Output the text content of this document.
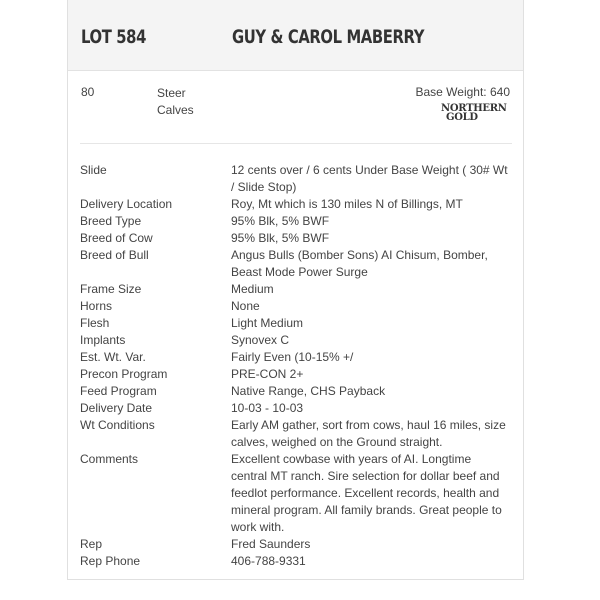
LOT 584	GUY & CAROL MABERRY
80	Steer
Calves
Base Weight: 640
NORTHERN
GOLD
Slide	12 cents over / 6 cents Under Base Weight ( 30# Wt / Slide Stop)
Delivery Location	Roy, Mt which is 130 miles N of Billings, MT
Breed Type	95% Blk, 5% BWF
Breed of Cow	95% Blk, 5% BWF
Breed of Bull	Angus Bulls (Bomber Sons) AI Chisum, Bomber, Beast Mode Power Surge
Frame Size	Medium
Horns	None
Flesh	Light Medium
Implants	Synovex C
Est. Wt. Var.	Fairly Even (10-15% +/
Precon Program	PRE-CON 2+
Feed Program	Native Range, CHS Payback
Delivery Date	10-03 - 10-03
Wt Conditions	Early AM gather, sort from cows, haul 16 miles, size calves, weighed on the Ground straight.
Comments	Excellent cowbase with years of AI. Longtime central MT ranch. Sire selection for dollar beef and feedlot performance. Excellent records, health and mineral program. All family brands. Great people to work with.
Rep	Fred Saunders
Rep Phone	406-788-9331
